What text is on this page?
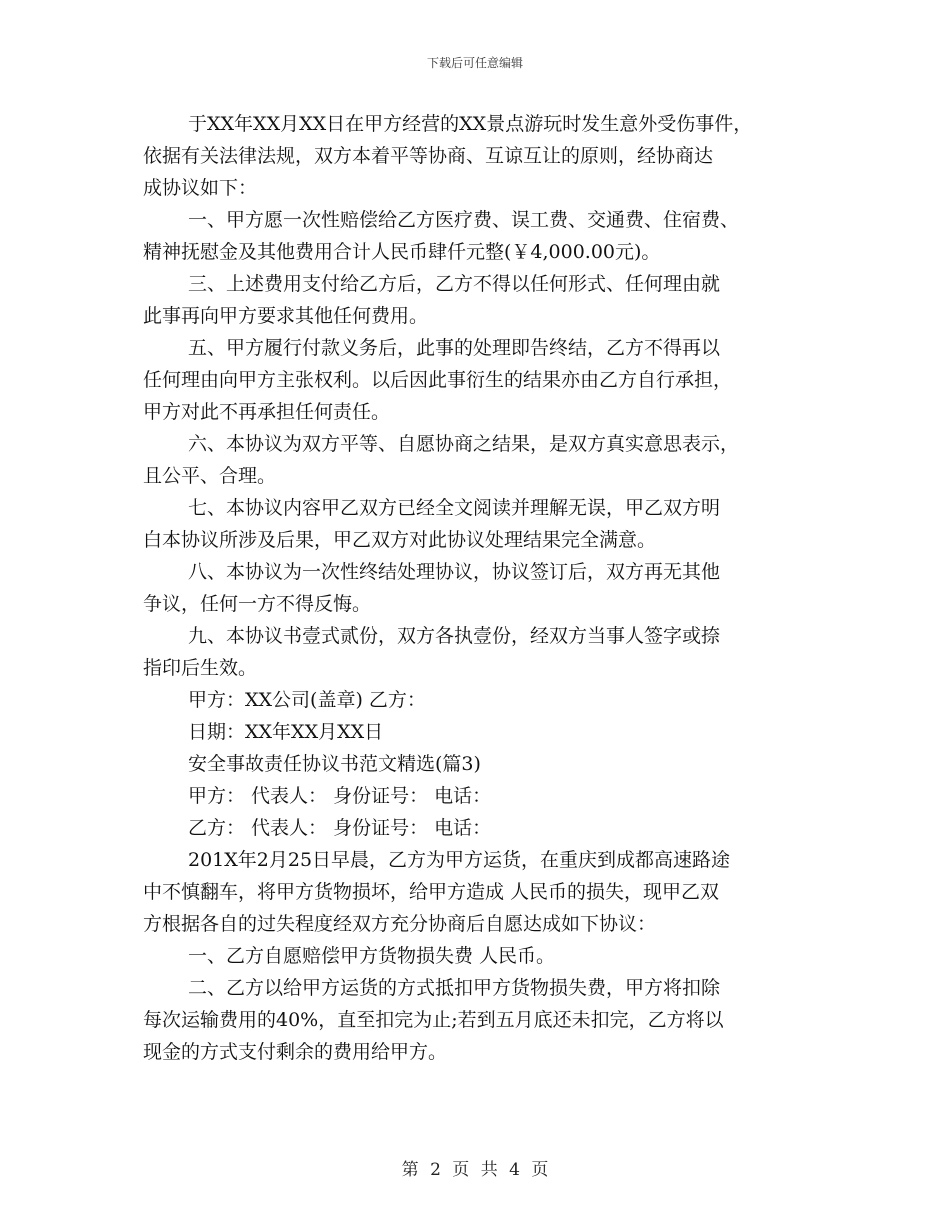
下载后可任意编辑
于XX年XX月XX日在甲方经营的XX景点游玩时发生意外受伤事件，
依据有关法律法规，双方本着平等协商、互谅互让的原则，经协商达
成协议如下：
一、甲方愿一次性赔偿给乙方医疗费、误工费、交通费、住宿费、
精神抚慰金及其他费用合计人民币肆仟元整(￥4,000.00元)。
三、上述费用支付给乙方后，乙方不得以任何形式、任何理由就
此事再向甲方要求其他任何费用。
五、甲方履行付款义务后，此事的处理即告终结，乙方不得再以
任何理由向甲方主张权利。以后因此事衍生的结果亦由乙方自行承担，
甲方对此不再承担任何责任。
六、本协议为双方平等、自愿协商之结果，是双方真实意思表示，
且公平、合理。
七、本协议内容甲乙双方已经全文阅读并理解无误，甲乙双方明
白本协议所涉及后果，甲乙双方对此协议处理结果完全满意。
八、本协议为一次性终结处理协议，协议签订后，双方再无其他
争议，任何一方不得反悔。
九、本协议书壹式贰份，双方各执壹份，经双方当事人签字或捺
指印后生效。
甲方：XX公司(盖章) 乙方：
日期：XX年XX月XX日
安全事故责任协议书范文精选(篇3)
甲方： 代表人： 身份证号： 电话：
乙方： 代表人： 身份证号： 电话：
201X年2月25日早晨，乙方为甲方运货，在重庆到成都高速路途
中不慎翻车，将甲方货物损坏，给甲方造成 人民币的损失，现甲乙双
方根据各自的过失程度经双方充分协商后自愿达成如下协议：
一、乙方自愿赔偿甲方货物损失费 人民币。
二、乙方以给甲方运货的方式抵扣甲方货物损失费，甲方将扣除
每次运输费用的40%，直至扣完为止;若到五月底还未扣完，乙方将以
现金的方式支付剩余的费用给甲方。
第 2 页 共 4 页
